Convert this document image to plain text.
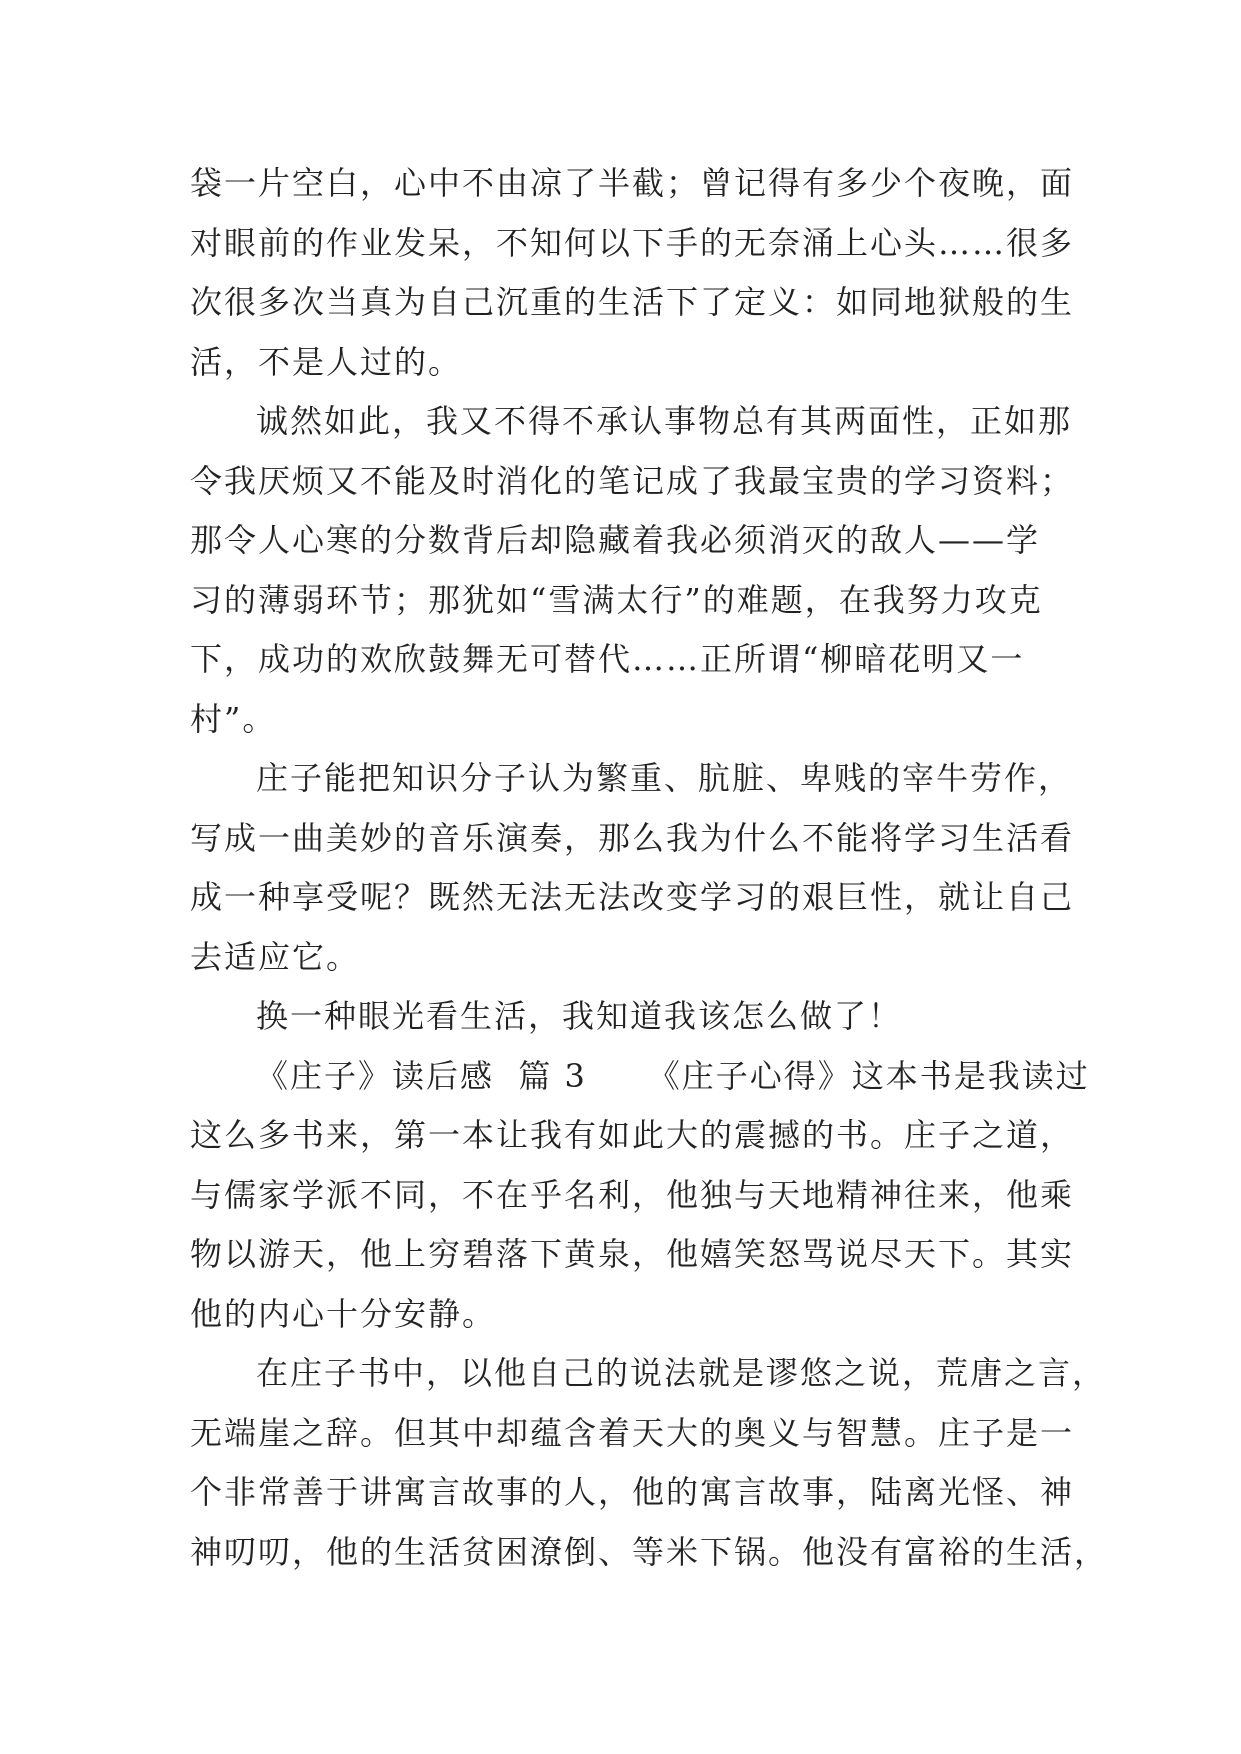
袋一片空白，心中不由凉了半截；曾记得有多少个夜晚，面
对眼前的作业发呆，不知何以下手的无奈涌上心头……很多
次很多次当真为自己沉重的生活下了定义：如同地狱般的生
活，不是人过的。
诚然如此，我又不得不承认事物总有其两面性，正如那
令我厌烦又不能及时消化的笔记成了我最宝贵的学习资料；
那令人心寒的分数背后却隐藏着我必须消灭的敌人——学
习的薄弱环节；那犹如“雪满太行”的难题，在我努力攻克
下，成功的欢欣鼓舞无可替代……正所谓“柳暗花明又一
村”。
庄子能把知识分子认为繁重、肮脏、卑贱的宰牛劳作，
写成一曲美妙的音乐演奏，那么我为什么不能将学习生活看
成一种享受呢？既然无法无法改变学习的艰巨性，就让自己
去适应它。
换一种眼光看生活，我知道我该怎么做了！
《庄子》读后感  篇 3     《庄子心得》这本书是我读过
这么多书来，第一本让我有如此大的震撼的书。庄子之道，
与儒家学派不同，不在乎名利，他独与天地精神往来，他乘
物以游天，他上穷碧落下黄泉，他嬉笑怒骂说尽天下。其实
他的内心十分安静。
在庄子书中，以他自己的说法就是谬悠之说，荒唐之言，
无端崖之辞。但其中却蕴含着天大的奥义与智慧。庄子是一
个非常善于讲寓言故事的人，他的寓言故事，陆离光怪、神
神叨叨，他的生活贫困潦倒、等米下锅。他没有富裕的生活，
